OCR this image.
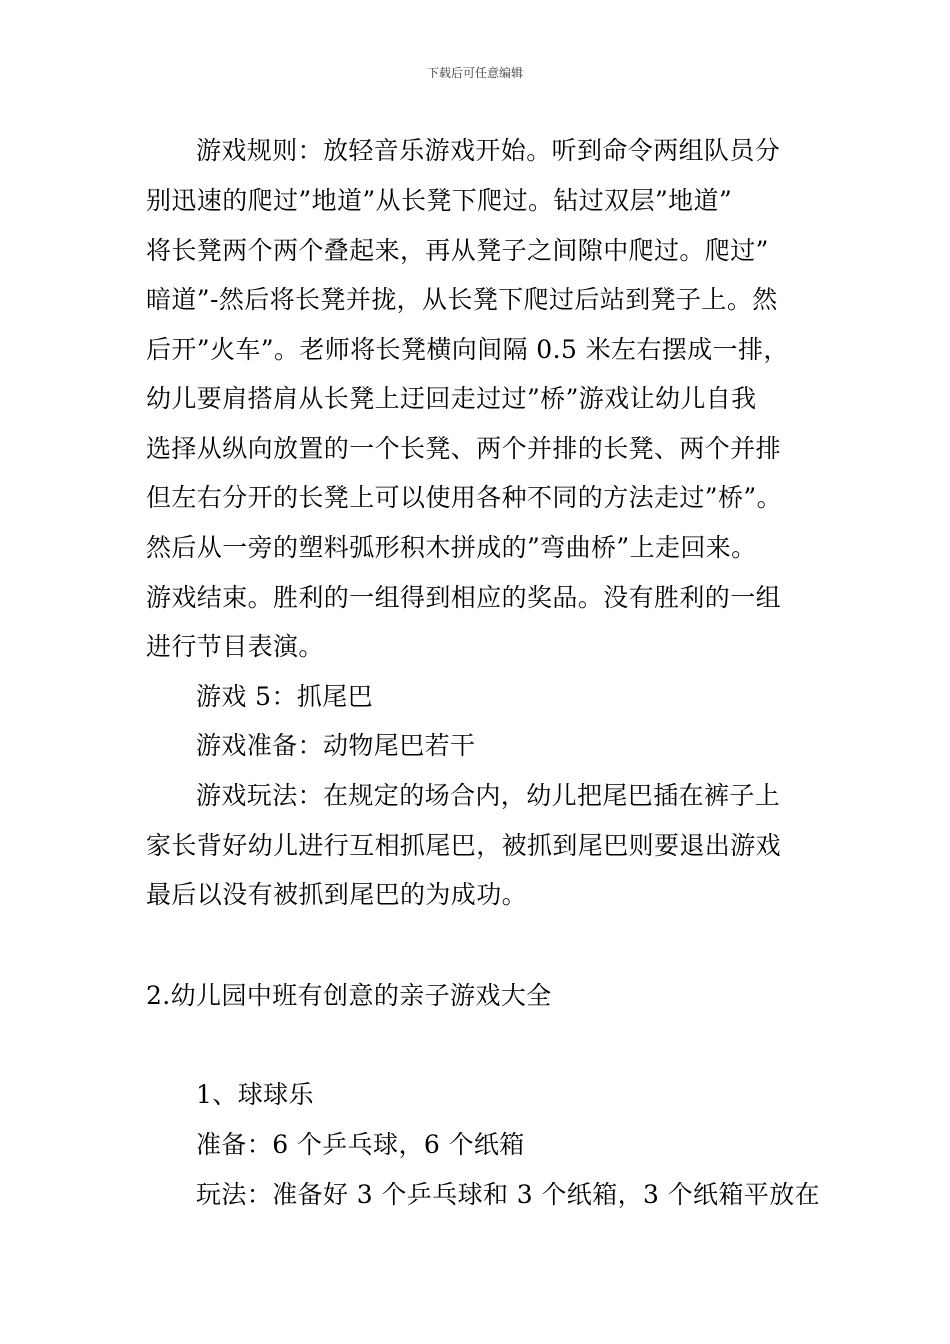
下载后可任意编辑
游戏规则：放轻音乐游戏开始。听到命令两组队员分
别迅速的爬过”地道”从长凳下爬过。钻过双层”地道”
将长凳两个两个叠起来，再从凳子之间隙中爬过。爬过”
暗道”-然后将长凳并拢，从长凳下爬过后站到凳子上。然
后开”火车”。老师将长凳横向间隔 0.5 米左右摆成一排，
幼儿要肩搭肩从长凳上迂回走过过”桥”游戏让幼儿自我
选择从纵向放置的一个长凳、两个并排的长凳、两个并排
但左右分开的长凳上可以使用各种不同的方法走过”桥”。
然后从一旁的塑料弧形积木拼成的”弯曲桥”上走回来。
游戏结束。胜利的一组得到相应的奖品。没有胜利的一组
进行节目表演。
游戏 5：抓尾巴
游戏准备：动物尾巴若干
游戏玩法：在规定的场合内，幼儿把尾巴插在裤子上
家长背好幼儿进行互相抓尾巴，被抓到尾巴则要退出游戏
最后以没有被抓到尾巴的为成功。
2.幼儿园中班有创意的亲子游戏大全
1、球球乐
准备：6 个乒乓球，6 个纸箱
玩法：准备好 3 个乒乓球和 3 个纸箱，3 个纸箱平放在
